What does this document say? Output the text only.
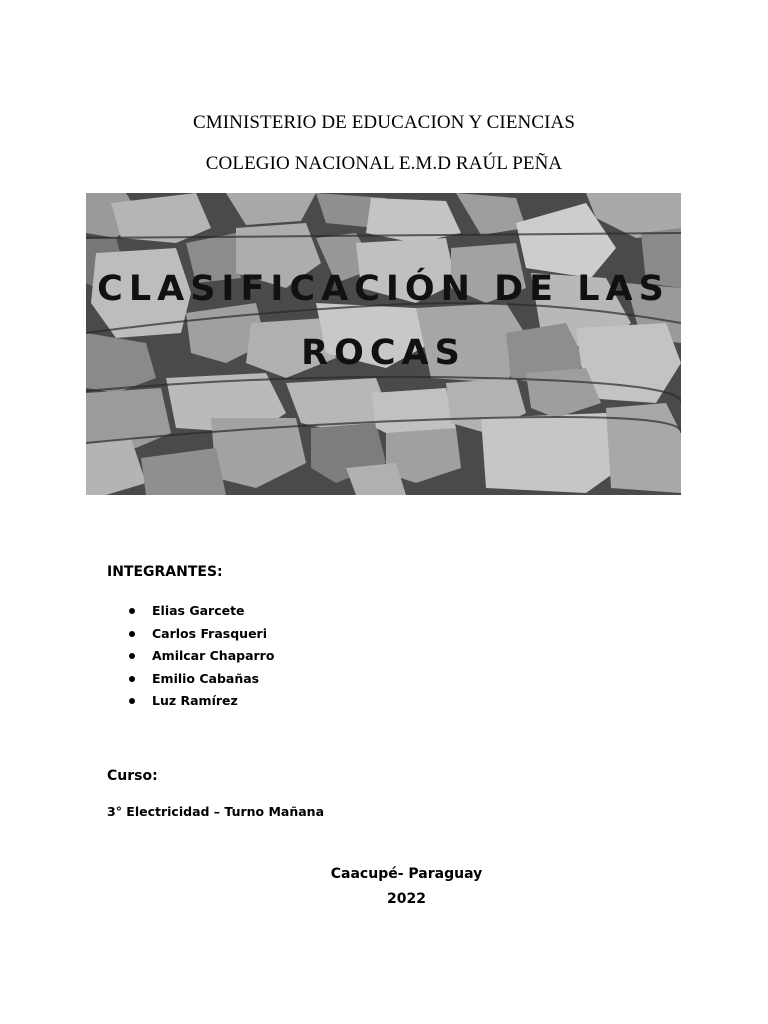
CMINISTERIO DE EDUCACION Y CIENCIAS
COLEGIO NACIONAL E.M.D RAÚL PEÑA
CLASIFICACIÓN DE LAS
ROCAS
INTEGRANTES:
Elias Garcete
Carlos Frasqueri
Amilcar Chaparro
Emilio Cabañas
Luz Ramírez
Curso:
3° Electricidad – Turno Mañana
Caacupé- Paraguay
2022
